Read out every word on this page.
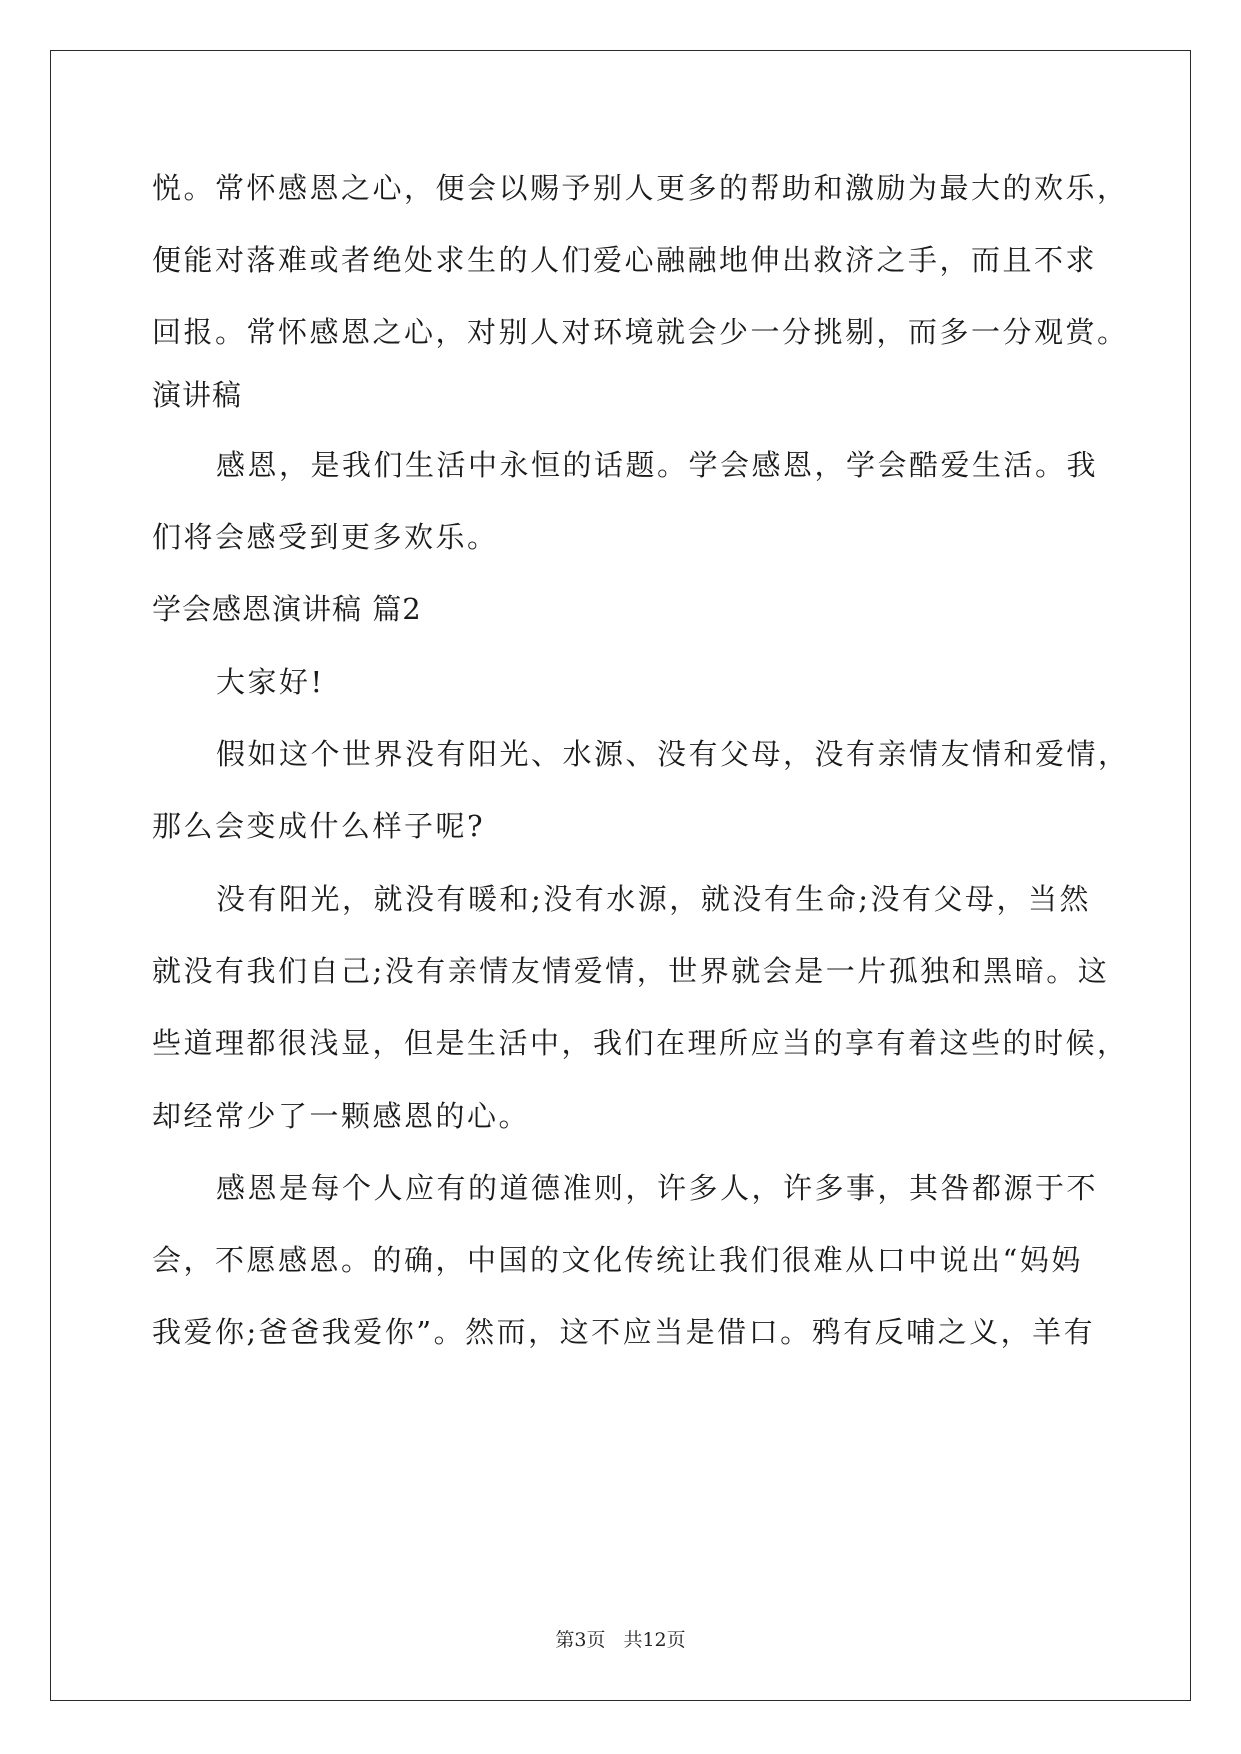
悦。常怀感恩之心，便会以赐予别人更多的帮助和激励为最大的欢乐，
便能对落难或者绝处求生的人们爱心融融地伸出救济之手，而且不求
回报。常怀感恩之心，对别人对环境就会少一分挑剔，而多一分观赏。
演讲稿
感恩，是我们生活中永恒的话题。学会感恩，学会酷爱生活。我
们将会感受到更多欢乐。
学会感恩演讲稿 篇2
大家好!
假如这个世界没有阳光、水源、没有父母，没有亲情友情和爱情，
那么会变成什么样子呢?
没有阳光，就没有暖和;没有水源，就没有生命;没有父母，当然
就没有我们自己;没有亲情友情爱情，世界就会是一片孤独和黑暗。这
些道理都很浅显，但是生活中，我们在理所应当的享有着这些的时候，
却经常少了一颗感恩的心。
感恩是每个人应有的道德准则，许多人，许多事，其咎都源于不
会，不愿感恩。的确，中国的文化传统让我们很难从口中说出“妈妈
我爱你;爸爸我爱你”。然而，这不应当是借口。鸦有反哺之义，羊有
第3页 共12页
